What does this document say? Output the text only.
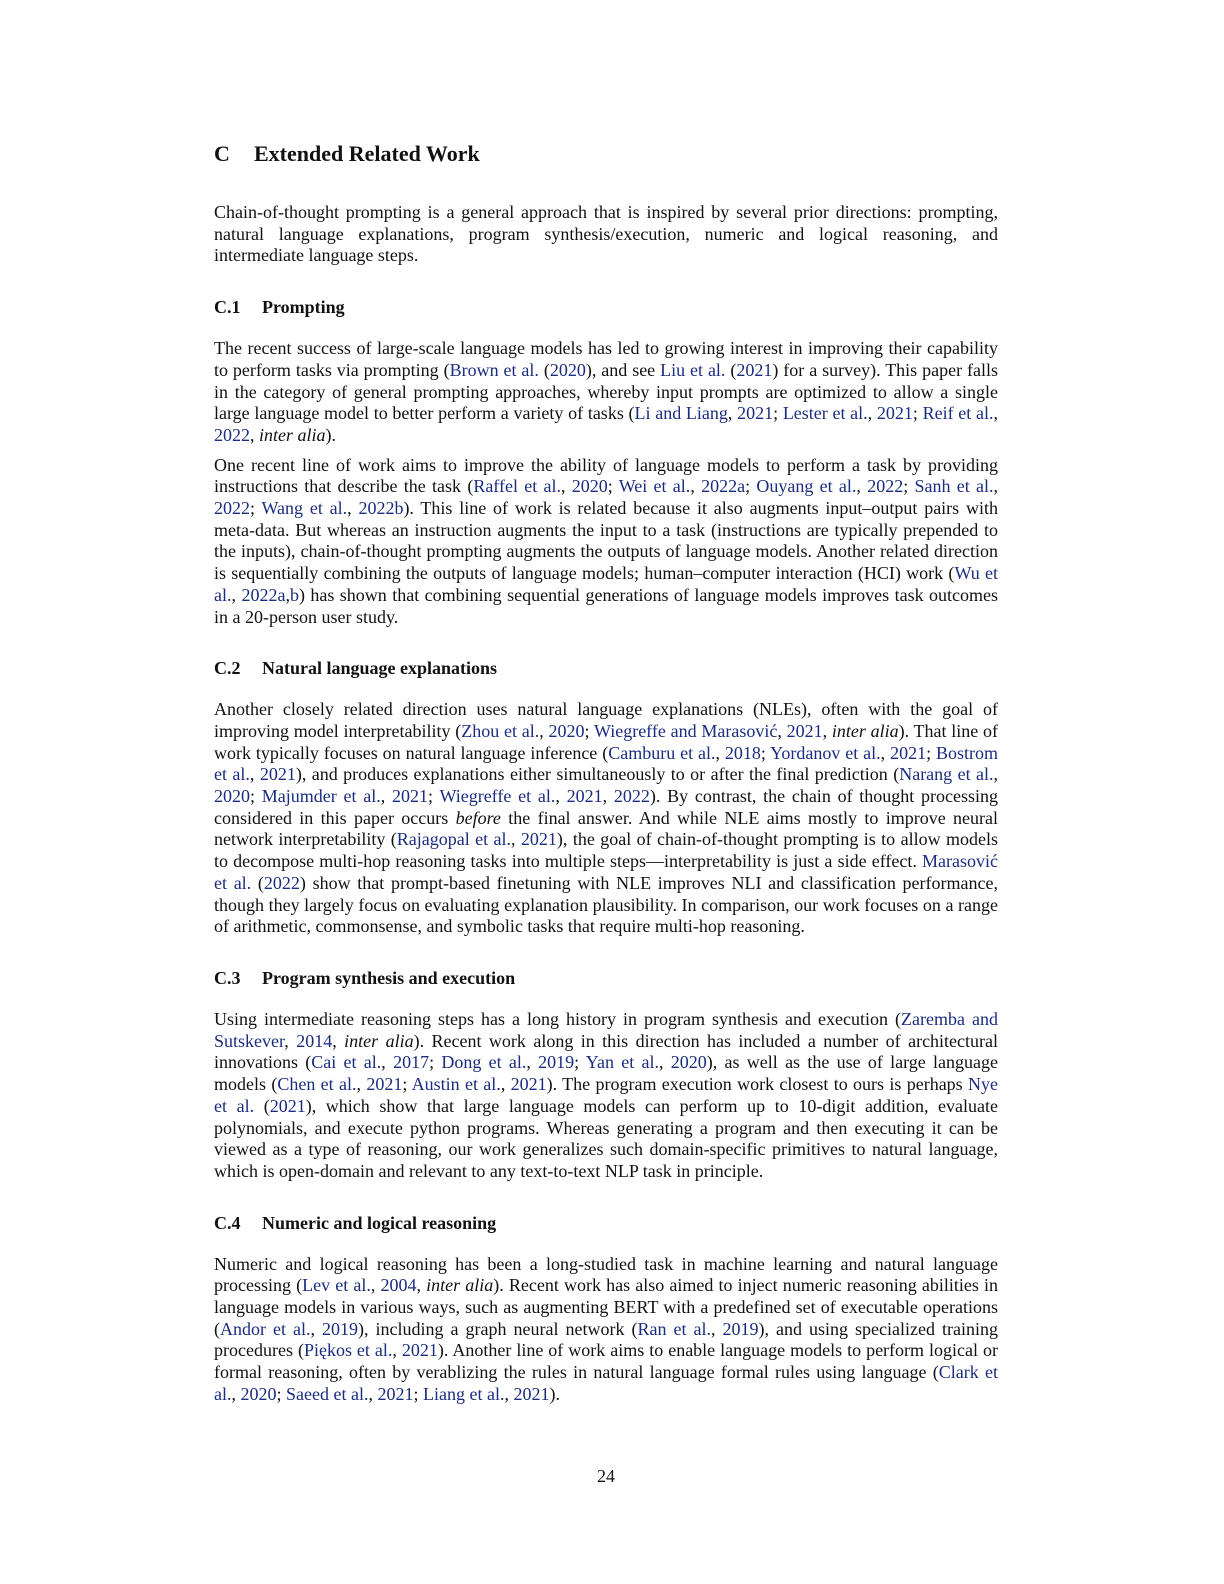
C Extended Related Work

Chain-of-thought prompting is a general approach that is inspired by several prior directions: prompting, natural language explanations, program synthesis/execution, numeric and logical reasoning, and intermediate language steps.

C.1 Prompting

The recent success of large-scale language models has led to growing interest in improving their capability to perform tasks via prompting (Brown et al. (2020), and see Liu et al. (2021) for a survey). This paper falls in the category of general prompting approaches, whereby input prompts are optimized to allow a single large language model to better perform a variety of tasks (Li and Liang, 2021; Lester et al., 2021; Reif et al., 2022, inter alia).

One recent line of work aims to improve the ability of language models to perform a task by providing instructions that describe the task (Raffel et al., 2020; Wei et al., 2022a; Ouyang et al., 2022; Sanh et al., 2022; Wang et al., 2022b). This line of work is related because it also augments input–output pairs with meta-data. But whereas an instruction augments the input to a task (instructions are typically prepended to the inputs), chain-of-thought prompting augments the outputs of language models. Another related direction is sequentially combining the outputs of language models; human–computer interaction (HCI) work (Wu et al., 2022a,b) has shown that combining sequential generations of language models improves task outcomes in a 20-person user study.

C.2 Natural language explanations

Another closely related direction uses natural language explanations (NLEs), often with the goal of improving model interpretability (Zhou et al., 2020; Wiegreffe and Marasović, 2021, inter alia). That line of work typically focuses on natural language inference (Camburu et al., 2018; Yordanov et al., 2021; Bostrom et al., 2021), and produces explanations either simultaneously to or after the final prediction (Narang et al., 2020; Majumder et al., 2021; Wiegreffe et al., 2021, 2022). By contrast, the chain of thought processing considered in this paper occurs before the final answer. And while NLE aims mostly to improve neural network interpretability (Rajagopal et al., 2021), the goal of chain-of-thought prompting is to allow models to decompose multi-hop reasoning tasks into multiple steps—interpretability is just a side effect. Marasović et al. (2022) show that prompt-based finetuning with NLE improves NLI and classification performance, though they largely focus on evaluating explanation plausibility. In comparison, our work focuses on a range of arithmetic, commonsense, and symbolic tasks that require multi-hop reasoning.

C.3 Program synthesis and execution

Using intermediate reasoning steps has a long history in program synthesis and execution (Zaremba and Sutskever, 2014, inter alia). Recent work along in this direction has included a number of architectural innovations (Cai et al., 2017; Dong et al., 2019; Yan et al., 2020), as well as the use of large language models (Chen et al., 2021; Austin et al., 2021). The program execution work closest to ours is perhaps Nye et al. (2021), which show that large language models can perform up to 10-digit addition, evaluate polynomials, and execute python programs. Whereas generating a program and then executing it can be viewed as a type of reasoning, our work generalizes such domain-specific primitives to natural language, which is open-domain and relevant to any text-to-text NLP task in principle.

C.4 Numeric and logical reasoning

Numeric and logical reasoning has been a long-studied task in machine learning and natural language processing (Lev et al., 2004, inter alia). Recent work has also aimed to inject numeric reasoning abilities in language models in various ways, such as augmenting BERT with a predefined set of executable operations (Andor et al., 2019), including a graph neural network (Ran et al., 2019), and using specialized training procedures (Piękos et al., 2021). Another line of work aims to enable language models to perform logical or formal reasoning, often by verablizing the rules in natural language formal rules using language (Clark et al., 2020; Saeed et al., 2021; Liang et al., 2021).

24
